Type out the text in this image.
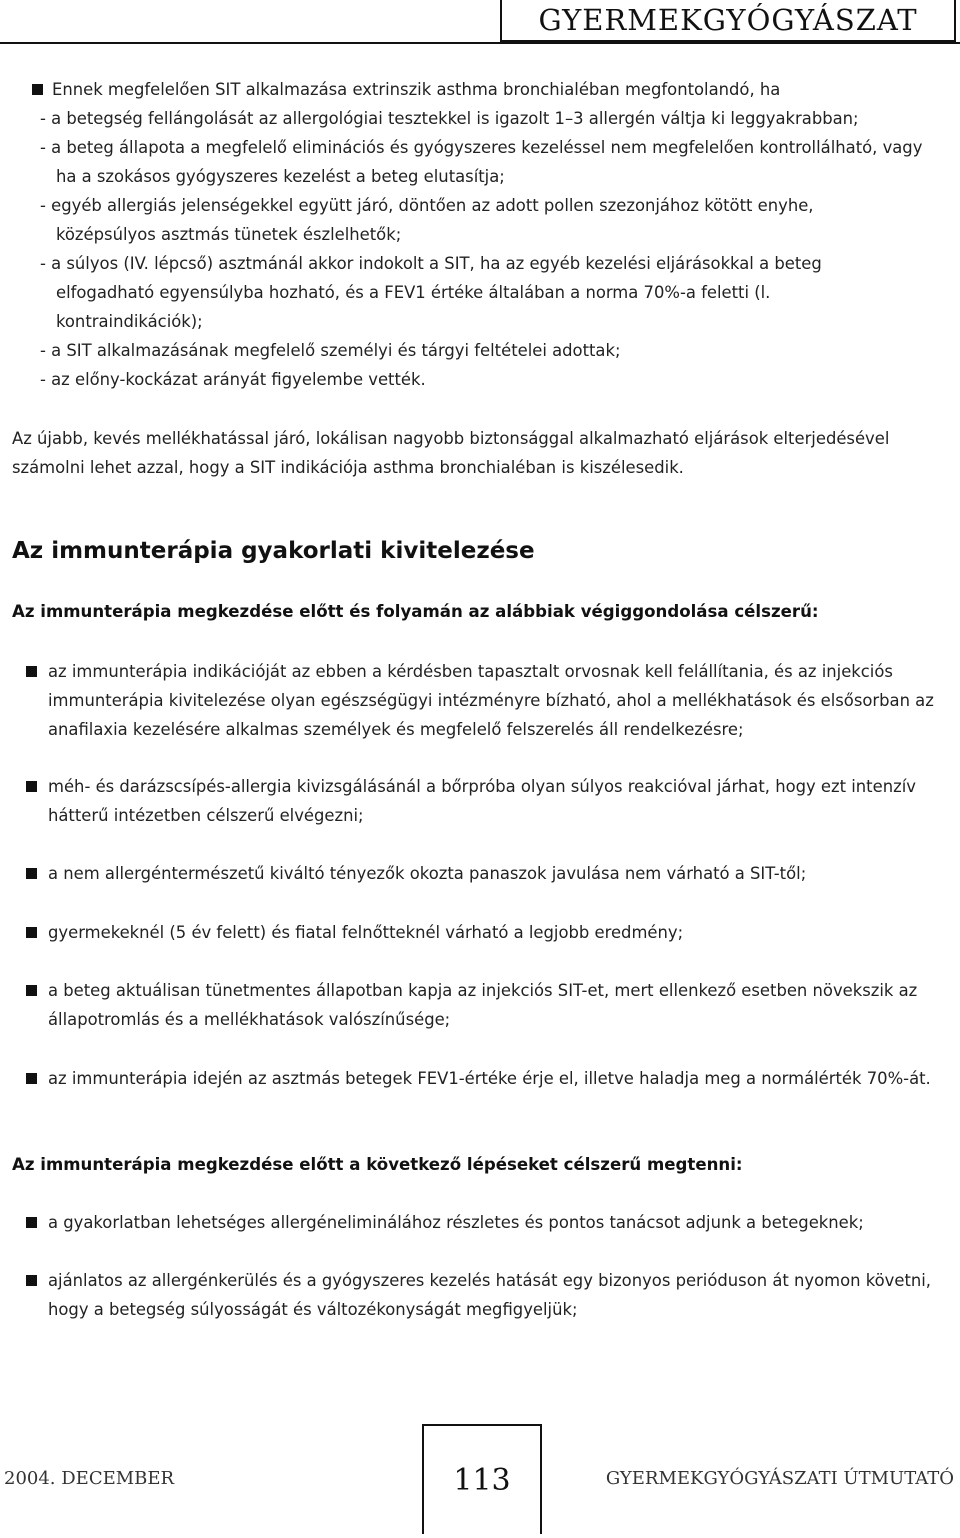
GYERMEKGYÓGYÁSZAT
Ennek megfelelően SIT alkalmazása extrinszik asthma bronchialéban megfontolandó, ha
- a betegség fellángolását az allergológiai tesztekkel is igazolt 1–3 allergén váltja ki leggyakrabban;
- a beteg állapota a megfelelő eliminációs és gyógyszeres kezeléssel nem megfelelően kontrollálható, vagy
ha a szokásos gyógyszeres kezelést a beteg elutasítja;
- egyéb allergiás jelenségekkel együtt járó, döntően az adott pollen szezonjához kötött enyhe,
középsúlyos asztmás tünetek észlelhetők;
- a súlyos (IV. lépcső) asztmánál akkor indokolt a SIT, ha az egyéb kezelési eljárásokkal a beteg
elfogadható egyensúlyba hozható, és a FEV1 értéke általában a norma 70%-a feletti (l.
kontraindikációk);
- a SIT alkalmazásának megfelelő személyi és tárgyi feltételei adottak;
- az előny-kockázat arányát figyelembe vették.
Az újabb, kevés mellékhatással járó, lokálisan nagyobb biztonsággal alkalmazható eljárások elterjedésével
számolni lehet azzal, hogy a SIT indikációja asthma bronchialéban is kiszélesedik.
Az immunterápia gyakorlati kivitelezése
Az immunterápia megkezdése előtt és folyamán az alábbiak végiggondolása célszerű:
az immunterápia indikációját az ebben a kérdésben tapasztalt orvosnak kell felállítania, és az injekciós immunterápia kivitelezése olyan egészségügyi intézményre bízható, ahol a mellékhatások és elsősorban az anafilaxia kezelésére alkalmas személyek és megfelelő felszerelés áll rendelkezésre;
méh- és darázscsípés-allergia kivizsgálásánál a bőrpróba olyan súlyos reakcióval járhat, hogy ezt intenzív hátterű intézetben célszerű elvégezni;
a nem allergéntermészetű kiváltó tényezők okozta panaszok javulása nem várható a SIT-től;
gyermekeknél (5 év felett) és fiatal felnőtteknél várható a legjobb eredmény;
a beteg aktuálisan tünetmentes állapotban kapja az injekciós SIT-et, mert ellenkező esetben növekszik az állapotromlás és a mellékhatások valószínűsége;
az immunterápia idején az asztmás betegek FEV1-értéke érje el, illetve haladja meg a normálérték 70%-át.
Az immunterápia megkezdése előtt a következő lépéseket célszerű megtenni:
a gyakorlatban lehetséges allergéneliminálához részletes és pontos tanácsot adjunk a betegeknek;
ajánlatos az allergénkerülés és a gyógyszeres kezelés hatását egy bizonyos perióduson át nyomon követni, hogy a betegség súlyosságát és változékonyságát megfigyeljük;
2004. DECEMBER	113	GYERMEKGYÓGYÁSZATI ÚTMUTATÓ
